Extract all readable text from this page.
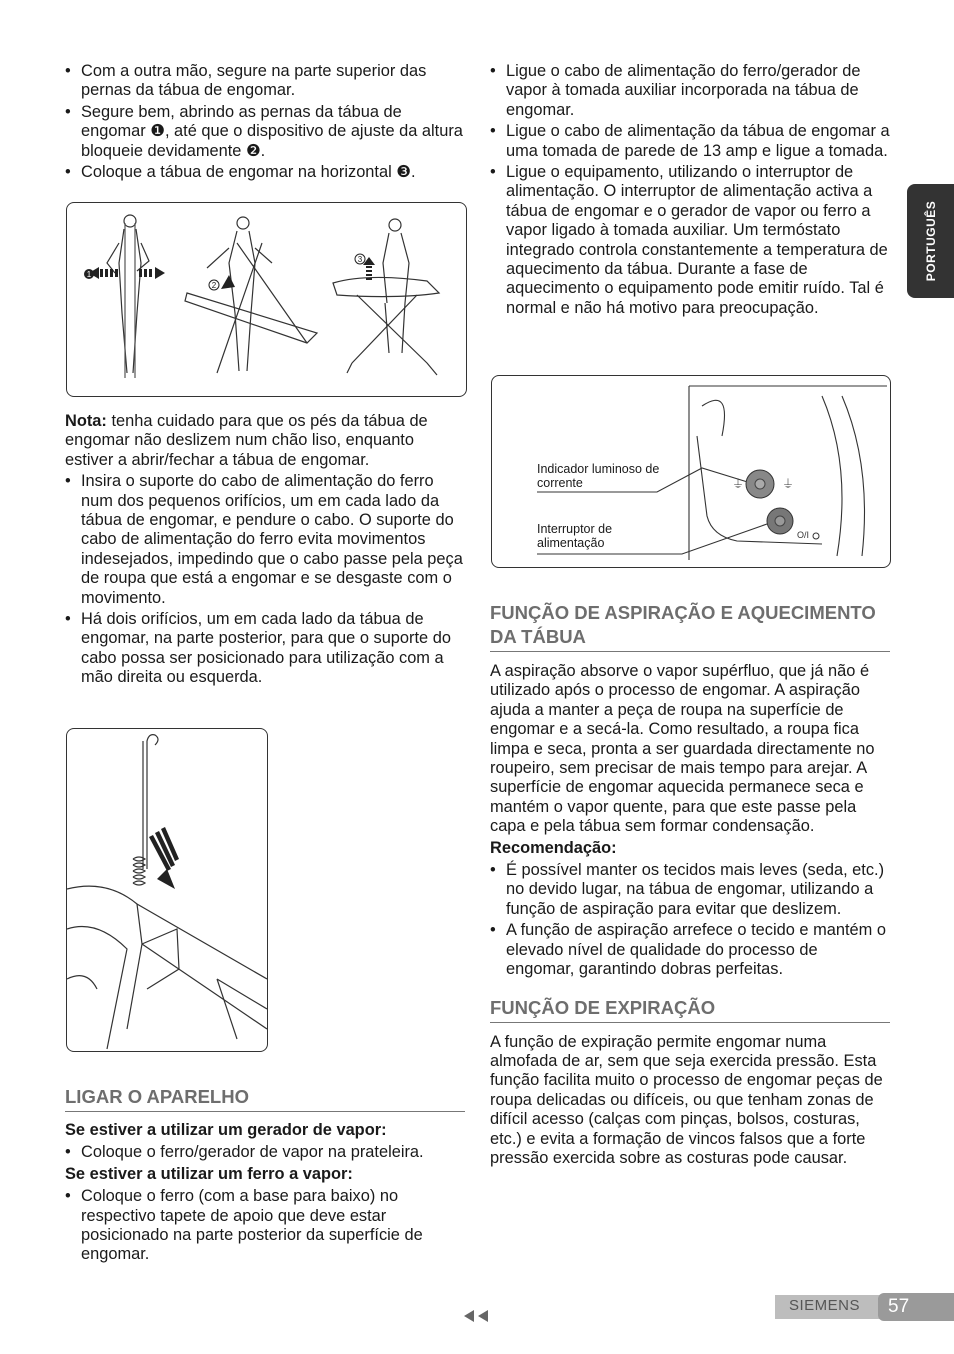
• Com a outra mão, segure na parte superior das pernas da tábua de engomar.
• Segure bem, abrindo as pernas da tábua de engomar ❶, até que o dispositivo de ajuste da altura bloqueie devidamente ❷.
• Coloque a tábua de engomar na horizontal ❸.
1
2
3

Nota: tenha cuidado para que os pés da tábua de engomar não deslizem num chão liso, enquanto estiver a abrir/fechar a tábua de engomar.

• Insira o suporte do cabo de alimentação do ferro num dos pequenos orifícios, um em cada lado da tábua de engomar, e pendure o cabo. O suporte do cabo de alimentação do ferro evita movimentos indesejados, impedindo que o cabo passe pela peça de roupa que está a engomar e se desgaste com o movimento.
• Há dois orifícios, um em cada lado da tábua de engomar, na parte posterior, para que o suporte do cabo possa ser posicionado para utilização com a mão direita ou esquerda.
LIGAR O APARELHO

Se estiver a utilizar um gerador de vapor:

• Coloque o ferro/gerador de vapor na prateleira.

Se estiver a utilizar um ferro a vapor:

• Coloque o ferro (com a base para baixo) no respectivo tapete de apoio que deve estar posicionado na parte posterior da superfície de engomar.
• Ligue o cabo de alimentação do ferro/gerador de vapor à tomada auxiliar incorporada na tábua de engomar.
• Ligue o cabo de alimentação da tábua de engomar a uma tomada de parede de 13 amp e ligue a tomada.
• Ligue o equipamento, utilizando o interruptor de alimentação. O interruptor de alimentação activa a tábua de engomar e o gerador de vapor ou ferro a vapor ligado à tomada auxiliar. Um termóstato integrado controla constantemente a temperatura de aquecimento da tábua. Durante a fase de aquecimento o equipamento pode emitir ruído. Tal é normal e não há motivo para preocupação.
Indicador luminoso de corrente
Interruptor de alimentação
⏚	⏚
O/I
FUNÇÃO DE ASPIRAÇÃO E AQUECIMENTO DA TÁBUA

A aspiração absorve o vapor supérfluo, que já não é utilizado após o processo de engomar. A aspiração ajuda a manter a peça de roupa na superfície de engomar e a secá-la. Como resultado, a roupa fica limpa e seca, pronta a ser guardada directamente no roupeiro, sem precisar de mais tempo para arejar. A superfície de engomar aquecida permanece seca e mantém o vapor quente, para que este passe pela capa e pela tábua sem formar condensação.

Recomendação:

• É possível manter os tecidos mais leves (seda, etc.) no devido lugar, na tábua de engomar, utilizando a função de aspiração para evitar que deslizem.
• A função de aspiração arrefece o tecido e mantém o elevado nível de qualidade do processo de engomar, garantindo dobras perfeitas.
FUNÇÃO DE EXPIRAÇÃO

A função de expiração permite engomar numa almofada de ar, sem que seja exercida pressão. Esta função facilita muito o processo de engomar peças de roupa delicadas ou difíceis, ou que tenham zonas de difícil acesso (calças com pinças, bolsos, costuras, etc.) e evita a formação de vincos falsos que a forte pressão exercida sobre as costuras pode causar.

PORTUGUÊS
SIEMENS	57
